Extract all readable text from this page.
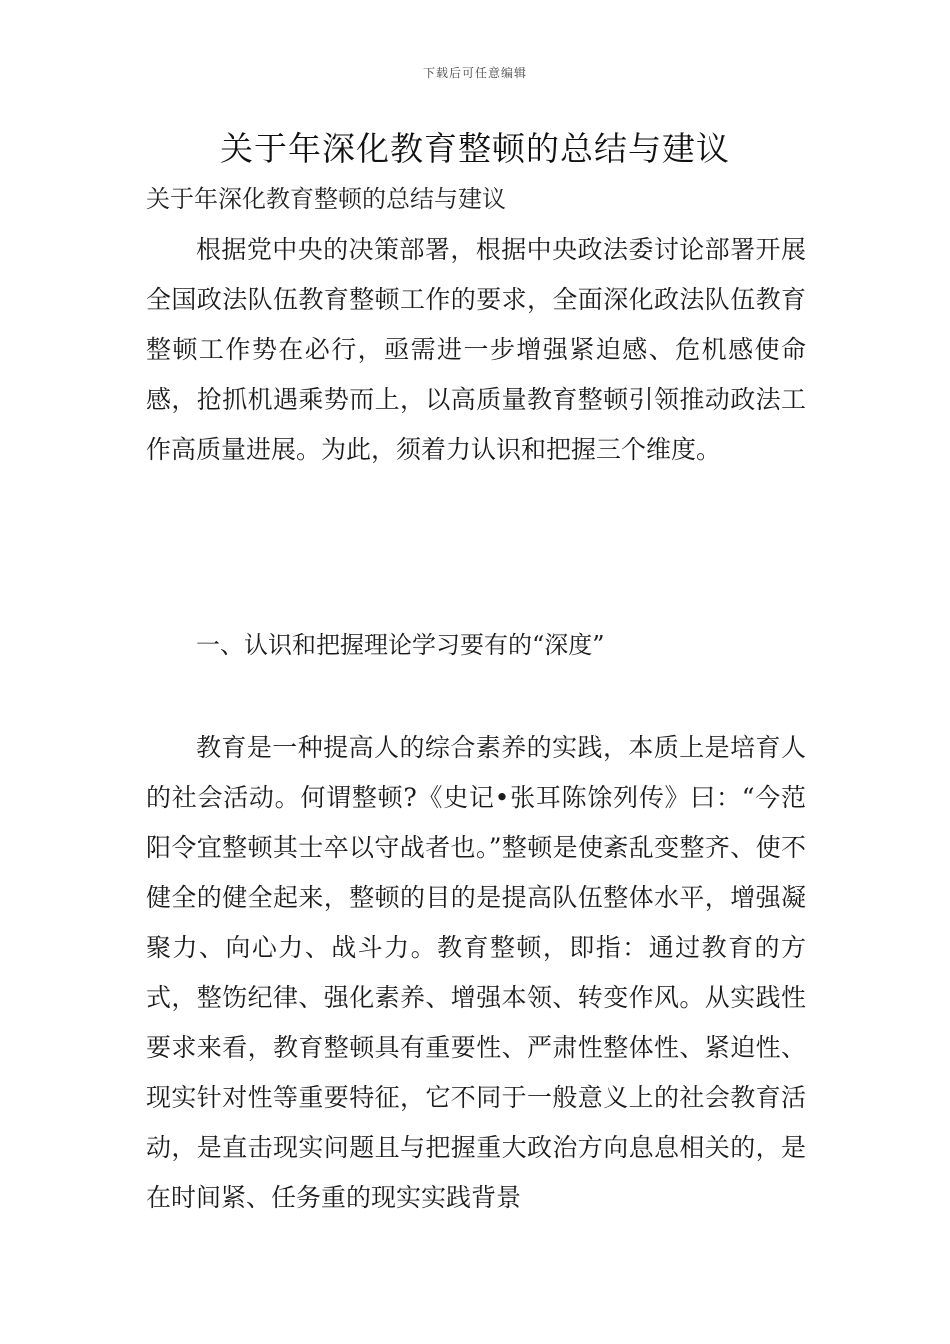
下载后可任意编辑
关于年深化教育整顿的总结与建议
关于年深化教育整顿的总结与建议

根据党中央的决策部署，根据中央政法委讨论部署开展全国政法队伍教育整顿工作的要求，全面深化政法队伍教育整顿工作势在必行，亟需进一步增强紧迫感、危机感使命感，抢抓机遇乘势而上，以高质量教育整顿引领推动政法工作高质量进展。为此，须着力认识和把握三个维度。

一、认识和把握理论学习要有的“深度”

教育是一种提高人的综合素养的实践，本质上是培育人的社会活动。何谓整顿?《史记•张耳陈馀列传》曰：“今范阳令宜整顿其士卒以守战者也。”整顿是使紊乱变整齐、使不健全的健全起来，整顿的目的是提高队伍整体水平，增强凝聚力、向心力、战斗力。教育整顿，即指：通过教育的方式，整饬纪律、强化素养、增强本领、转变作风。从实践性要求来看，教育整顿具有重要性、严肃性整体性、紧迫性、现实针对性等重要特征，它不同于一般意义上的社会教育活动，是直击现实问题且与把握重大政治方向息息相关的，是在时间紧、任务重的现实实践背景
